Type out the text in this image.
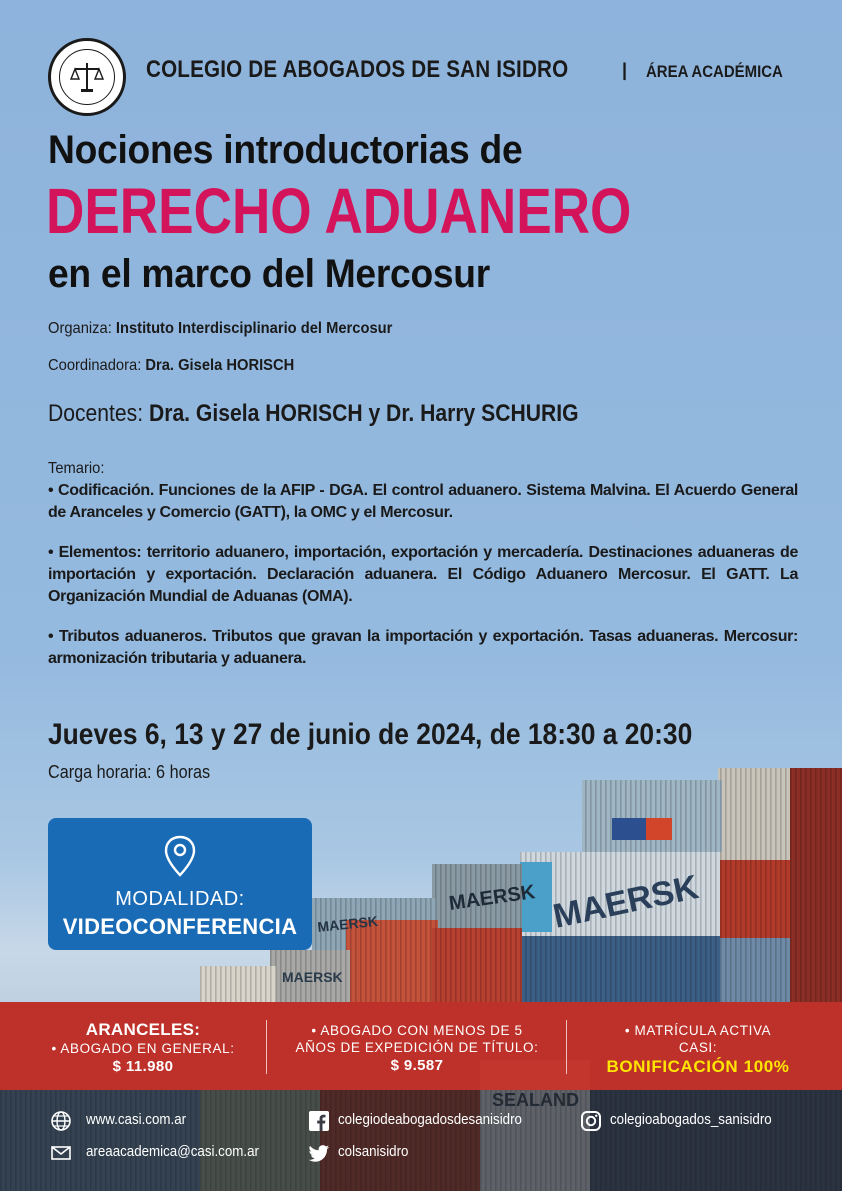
MAERSK
MAERSK
MAERSK
MAERSK
COLEGIO DE ABOGADOS DE SAN ISIDRO	| ÁREA ACADÉMICA
Nociones introductorias de
DERECHO ADUANERO
en el marco del Mercosur
Organiza: Instituto Interdisciplinario del Mercosur
Coordinadora: Dra. Gisela HORISCH
Docentes: Dra. Gisela HORISCH y Dr. Harry SCHURIG
Temario:

• Codificación. Funciones de la AFIP - DGA. El control aduanero. Sistema Malvina. El Acuerdo General de Aranceles y Comercio (GATT), la OMC y el Mercosur.

• Elementos: territorio aduanero, importación, exportación y mercadería. Destinaciones aduaneras de importación y exportación. Declaración aduanera. El Código Aduanero Mercosur. El GATT. La Organización Mundial de Aduanas (OMA).

• Tributos aduaneros. Tributos que gravan la importación y exportación. Tasas aduaneras. Mercosur: armonización tributaria y aduanera.

Jueves 6, 13 y 27 de junio de 2024, de 18:30 a 20:30
Carga horaria: 6 horas
MODALIDAD:
VIDEOCONFERENCIA
ARANCELES:
• ABOGADO EN GENERAL:
$ 11.980
• ABOGADO CON MENOS DE 5
AÑOS DE EXPEDICIÓN DE TÍTULO:
$ 9.587
• MATRÍCULA ACTIVA
CASI:
BONIFICACIÓN 100%
www.casi.com.ar
areaacademica@casi.com.ar
colegiodeabogadosdesanisidro
colsanisidro
colegioabogados_sanisidro
